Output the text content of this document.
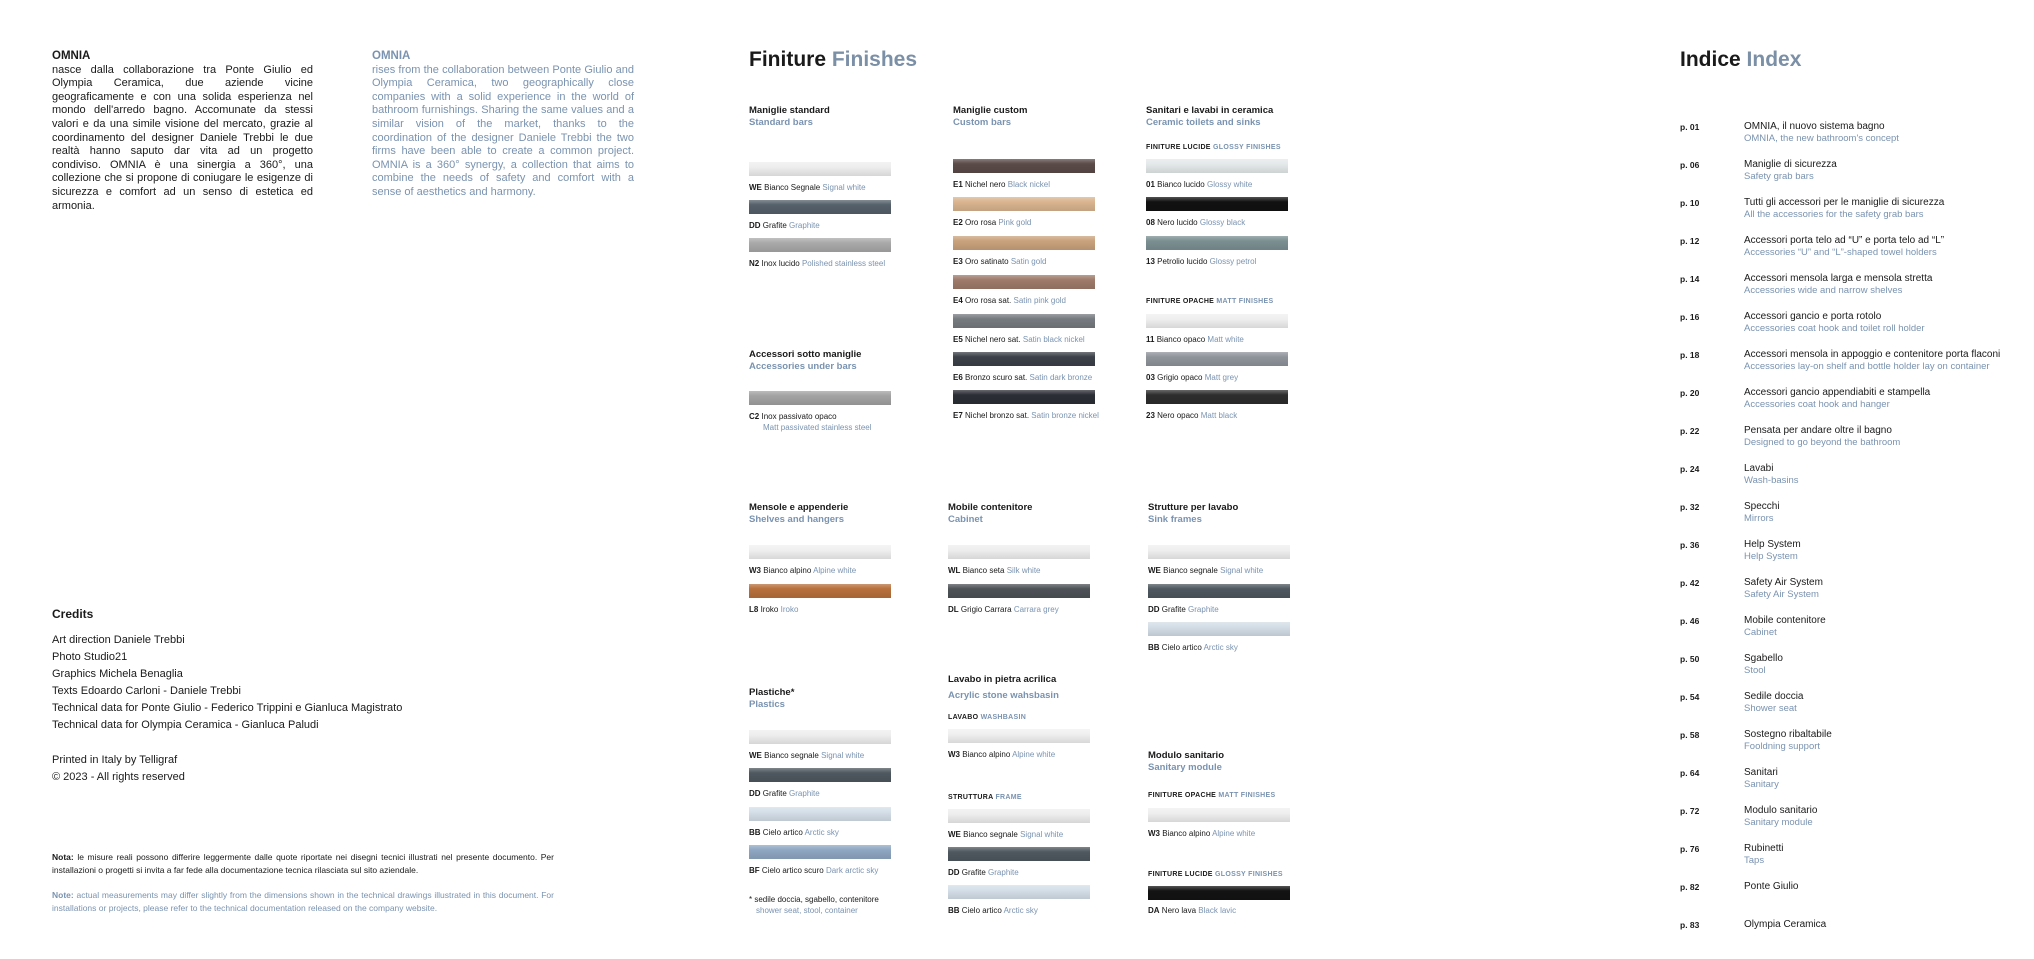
OMNIA
nasce dalla collaborazione tra Ponte Giulio ed Olympia Ceramica, due aziende vicine geograficamente e con una solida esperienza nel mondo dell'arredo bagno. Accomunate da stessi valori e da una simile visione del mercato, grazie al coordinamento del designer Daniele Trebbi le due realtà hanno saputo dar vita ad un progetto condiviso. OMNIA è una sinergia a 360°, una collezione che si propone di coniugare le esigenze di sicurezza e comfort ad un senso di estetica ed armonia.

OMNIA
rises from the collaboration between Ponte Giulio and Olympia Ceramica, two geographically close companies with a solid experience in the world of bathroom furnishings. Sharing the same values and a similar vision of the market, thanks to the coordination of the designer Daniele Trebbi the two firms have been able to create a common project. OMNIA is a 360° synergy, a collection that aims to combine the needs of safety and comfort with a sense of aesthetics and harmony.

Credits
Art direction Daniele Trebbi
Photo Studio21
Graphics Michela Benaglia
Texts Edoardo Carloni - Daniele Trebbi
Technical data for Ponte Giulio - Federico Trippini e Gianluca Magistrato
Technical data for Olympia Ceramica - Gianluca Paludi
Printed in Italy by Telligraf
© 2023 - All rights reserved

Nota: le misure reali possono differire leggermente dalle quote riportate nei disegni tecnici illustrati nel presente documento. Per installazioni o progetti si invita a far fede alla documentazione tecnica rilasciata sul sito aziendale.

Note: actual measurements may differ slightly from the dimensions shown in the technical drawings illustrated in this document. For installations or projects, please refer to the technical documentation released on the company website.

Finiture Finishes
Maniglie standard
Standard bars
WE Bianco Segnale Signal white
DD Grafite Graphite
N2 Inox lucido Polished stainless steel
Accessori sotto maniglie
Accessories under bars
C2 Inox passivato opaco
Matt passivated stainless steel
Maniglie custom
Custom bars
E1 Nichel nero Black nickel
E2 Oro rosa Pink gold
E3 Oro satinato Satin gold
E4 Oro rosa sat. Satin pink gold
E5 Nichel nero sat. Satin black nickel
E6 Bronzo scuro sat. Satin dark bronze
E7 Nichel bronzo sat. Satin bronze nickel
Sanitari e lavabi in ceramica
Ceramic toilets and sinks
FINITURE LUCIDE GLOSSY FINISHES
01 Bianco lucido Glossy white
08 Nero lucido Glossy black
13 Petrolio lucido Glossy petrol
FINITURE OPACHE MATT FINISHES
11 Bianco opaco Matt white
03 Grigio opaco Matt grey
23 Nero opaco Matt black
Mensole e appenderie
Shelves and hangers
W3 Bianco alpino Alpine white
L8 Iroko Iroko
Mobile contenitore
Cabinet
WL Bianco seta Silk white
DL Grigio Carrara Carrara grey
Strutture per lavabo
Sink frames
WE Bianco segnale Signal white
DD Grafite Graphite
BB Cielo artico Arctic sky
Plastiche*
Plastics
WE Bianco segnale Signal white
DD Grafite Graphite
BB Cielo artico Arctic sky
BF Cielo artico scuro Dark arctic sky
* sedile doccia, sgabello, contenitore
shower seat, stool, container
Lavabo in pietra acrilica
Acrylic stone wahsbasin
LAVABO WASHBASIN
W3 Bianco alpino Alpine white
STRUTTURA FRAME
WE Bianco segnale Signal white
DD Grafite Graphite
BB Cielo artico Arctic sky
Modulo sanitario
Sanitary module
FINITURE OPACHE MATT FINISHES
W3 Bianco alpino Alpine white
FINITURE LUCIDE GLOSSY FINISHES
DA Nero lava Black lavic
Indice Index
p. 01	OMNIA, il nuovo sistema bagno
OMNIA, the new bathroom's concept
p. 06	Maniglie di sicurezza
Safety grab bars
p. 10	Tutti gli accessori per le maniglie di sicurezza
All the accessories for the safety grab bars
p. 12	Accessori porta telo ad “U” e porta telo ad “L”
Accessories “U” and “L”-shaped towel holders
p. 14	Accessori mensola larga e mensola stretta
Accessories wide and narrow shelves
p. 16	Accessori gancio e porta rotolo
Accessories coat hook and toilet roll holder
p. 18	Accessori mensola in appoggio e contenitore porta flaconi
Accessories lay-on shelf and bottle holder lay on container
p. 20	Accessori gancio appendiabiti e stampella
Accessories coat hook and hanger
p. 22	Pensata per andare oltre il bagno
Designed to go beyond the bathroom
p. 24	Lavabi
Wash-basins
p. 32	Specchi
Mirrors
p. 36	Help System
Help System
p. 42	Safety Air System
Safety Air System
p. 46	Mobile contenitore
Cabinet
p. 50	Sgabello
Stool
p. 54	Sedile doccia
Shower seat
p. 58	Sostegno ribaltabile
Fooldning support
p. 64	Sanitari
Sanitary
p. 72	Modulo sanitario
Sanitary module
p. 76	Rubinetti
Taps
p. 82	Ponte Giulio
p. 83	Olympia Ceramica
